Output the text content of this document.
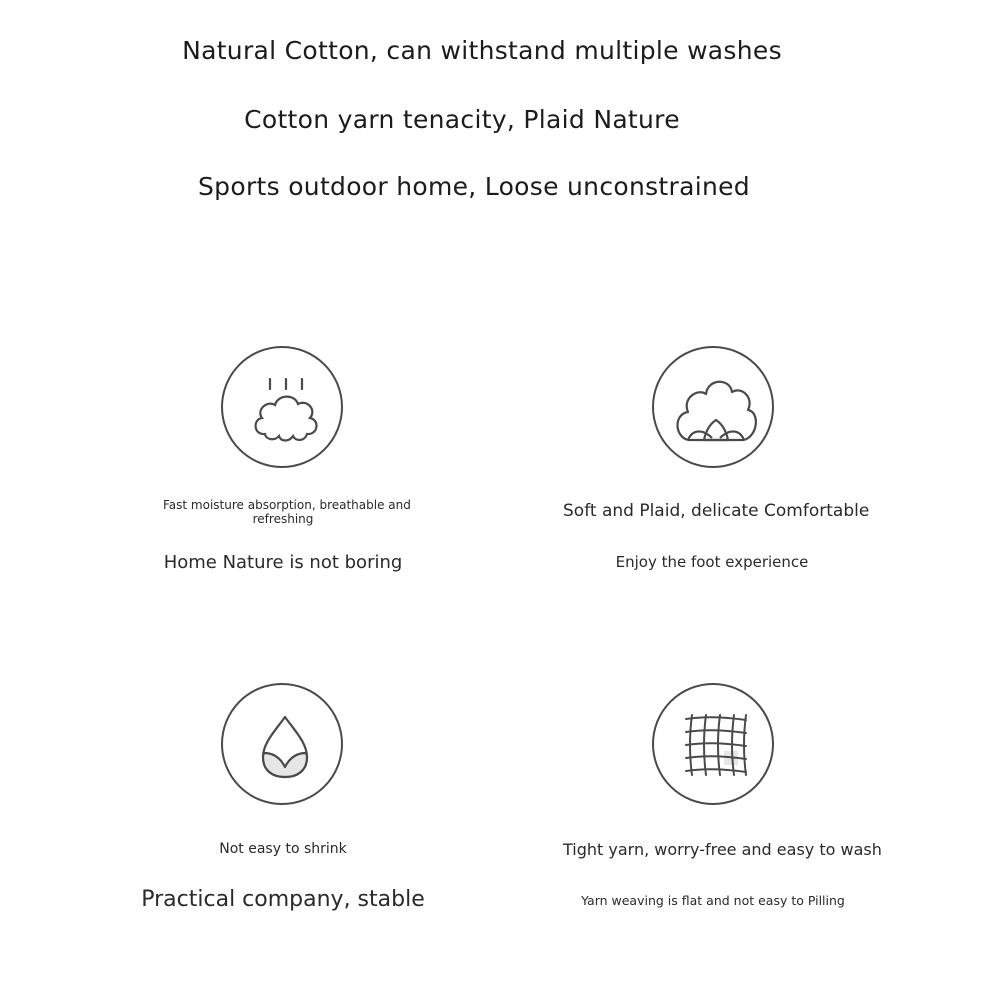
Natural Cotton, can withstand multiple washes
Cotton yarn tenacity, Plaid Nature
Sports outdoor home, Loose unconstrained
Fast moisture absorption, breathable and
refreshing
Home Nature is not boring
Soft and Plaid, delicate Comfortable
Enjoy the foot experience
Not easy to shrink
Practical company, stable
Tight yarn, worry-free and easy to wash
Yarn weaving is flat and not easy to Pilling
